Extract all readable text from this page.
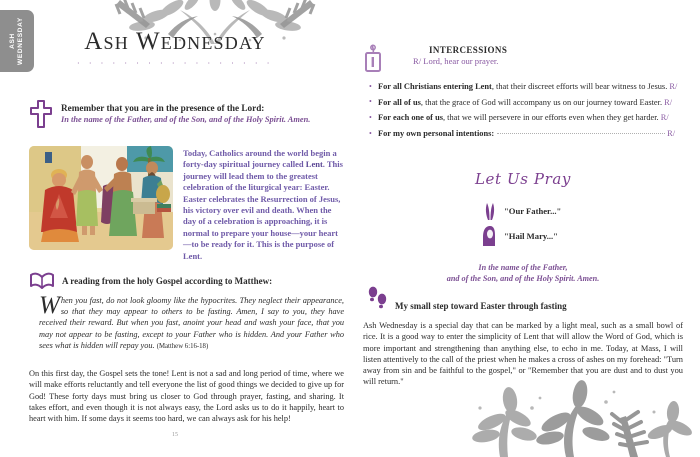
ASH
WEDNESDAY	Ash Wednesday
· · · · · · · · · · · · · · · · ·
Remember that you are in the presence of the Lord:
In the name of the Father, and of the Son, and of the Holy Spirit. Amen.
Today, Catholics around the world begin a forty-day spiritual journey called Lent. This journey will lead them to the greatest celebration of the liturgical year: Easter. Easter celebrates the Resurrection of Jesus, his victory over evil and death. When the day of a celebration is approaching, it is normal to prepare your house—your heart—to be ready for it. This is the purpose of Lent.
A reading from the holy Gospel according to Matthew:
When you fast, do not look gloomy like the hypocrites. They neglect their appearance, so that they may appear to others to be fasting. Amen, I say to you, they have received their reward. But when you fast, anoint your head and wash your face, that you may not appear to be fasting, except to your Father who is hidden. And your Father who sees what is hidden will repay you. (Matthew 6:16-18)
On this first day, the Gospel sets the tone! Lent is not a sad and long period of time, where we will make efforts reluctantly and tell everyone the list of good things we decided to give up for God! These forty days must bring us closer to God through prayer, fasting, and sharing. It takes effort, and even though it is not always easy, the Lord asks us to do it happily, heart to heart with him. If some days it seems too hard, we can always ask for his help!
15
INTERCESSIONS
R/ Lord, hear our prayer.
• For all Christians entering Lent, that their discreet efforts will bear witness to Jesus. R/
• For all of us, that the grace of God will accompany us on our journey toward Easter. R/
• For each one of us, that we will persevere in our efforts even when they get harder. R/
• For my own personal intentions:	R/
Let Us Pray
"Our Father..."
"Hail Mary..."
In the name of the Father,
and of the Son, and of the Holy Spirit. Amen.
My small step toward Easter through fasting
Ash Wednesday is a special day that can be marked by a light meal, such as a small bowl of rice. It is a good way to enter the simplicity of Lent that will allow the Word of God, which is more important and strengthening than anything else, to echo in me. Today, at Mass, I will listen attentively to the call of the priest when he makes a cross of ashes on my forehead: "Turn away from sin and be faithful to the gospel," or "Remember that you are dust and to dust you will return."
